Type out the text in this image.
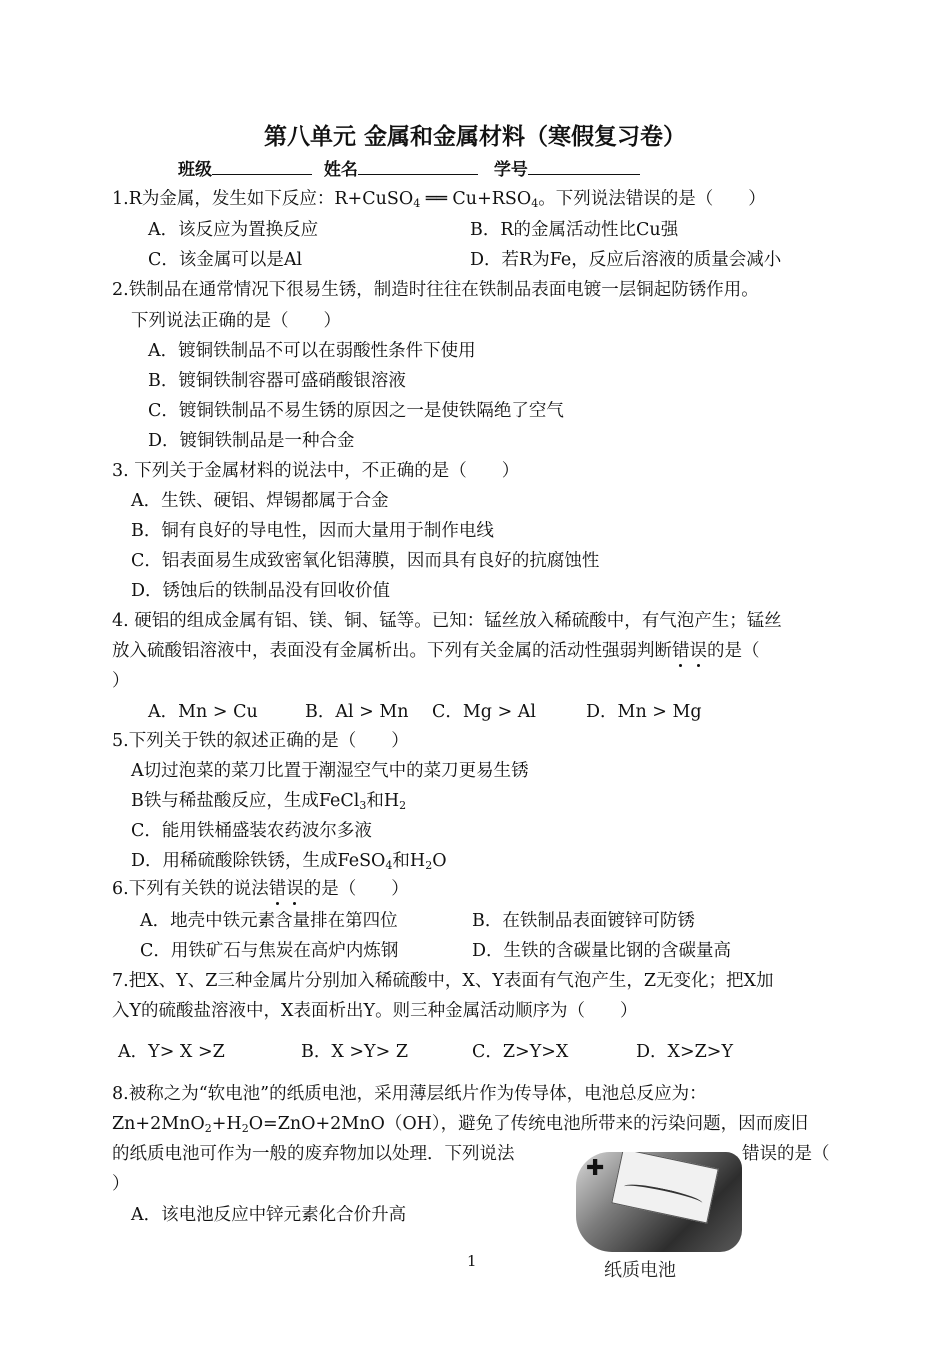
第八单元 金属和金属材料（寒假复习卷）
班级	姓名	学号
1.R为金属，发生如下反应：R+CuSO$_4$ ══ $Cu+RSO_4$。下列说法错误的是（　　）
A．该反应为置换反应	B．R的金属活动性比Cu强
C．该金属可以是Al	D．若R为Fe，反应后溶液的质量会减小
2.铁制品在通常情况下很易生锈，制造时往往在铁制品表面电镀一层铜起防锈作用。
下列说法正确的是（　　）
A．镀铜铁制品不可以在弱酸性条件下使用
B．镀铜铁制容器可盛硝酸银溶液
C．镀铜铁制品不易生锈的原因之一是使铁隔绝了空气
D．镀铜铁制品是一种合金
3. 下列关于金属材料的说法中，不正确的是（　　）
A．生铁、硬铝、焊锡都属于合金
B．铜有良好的导电性，因而大量用于制作电线
C．铝表面易生成致密氧化铝薄膜，因而具有良好的抗腐蚀性
D．锈蚀后的铁制品没有回收价值
4. 硬铝的组成金属有铝、镁、铜、锰等。已知：锰丝放入稀硫酸中，有气泡产生；锰丝
放入硫酸铝溶液中，表面没有金属析出。下列有关金属的活动性强弱判断错误的是（
）
A．Mn > Cu	B．Al > Mn C．Mg > Al	D．Mn > Mg
5.下列关于铁的叙述正确的是（　　）
A切过泡菜的菜刀比置于潮湿空气中的菜刀更易生锈
B铁与稀盐酸反应，生成FeCl$_3$和$H_2$
C．能用铁桶盛装农药波尔多液
D．用稀硫酸除铁锈，生成FeSO$_4$和$H_2O$
6.下列有关铁的说法错误的是（　　）
A．地壳中铁元素含量排在第四位	B．在铁制品表面镀锌可防锈
C．用铁矿石与焦炭在高炉内炼钢	D．生铁的含碳量比钢的含碳量高
7.把X、Y、Z三种金属片分别加入稀硫酸中，X、Y表面有气泡产生，Z无变化；把X加
入Y的硫酸盐溶液中，X表面析出Y。则三种金属活动顺序为（　　）
A．Y> X >Z	B．X >Y> Z	C．Z>Y>X	D．X>Z>Y
8.被称之为“软电池”的纸质电池，采用薄层纸片作为传导体，电池总反应为：
$Zn+2MnO_2+H_2O=ZnO+2MnO(OH)$，避免了传统电池所带来的污染问题，因而废旧
的纸质电池可作为一般的废弃物加以处理．下列说法	错误的是（
）
A．该电池反应中锌元素化合价升高
✚
纸质电池
1
